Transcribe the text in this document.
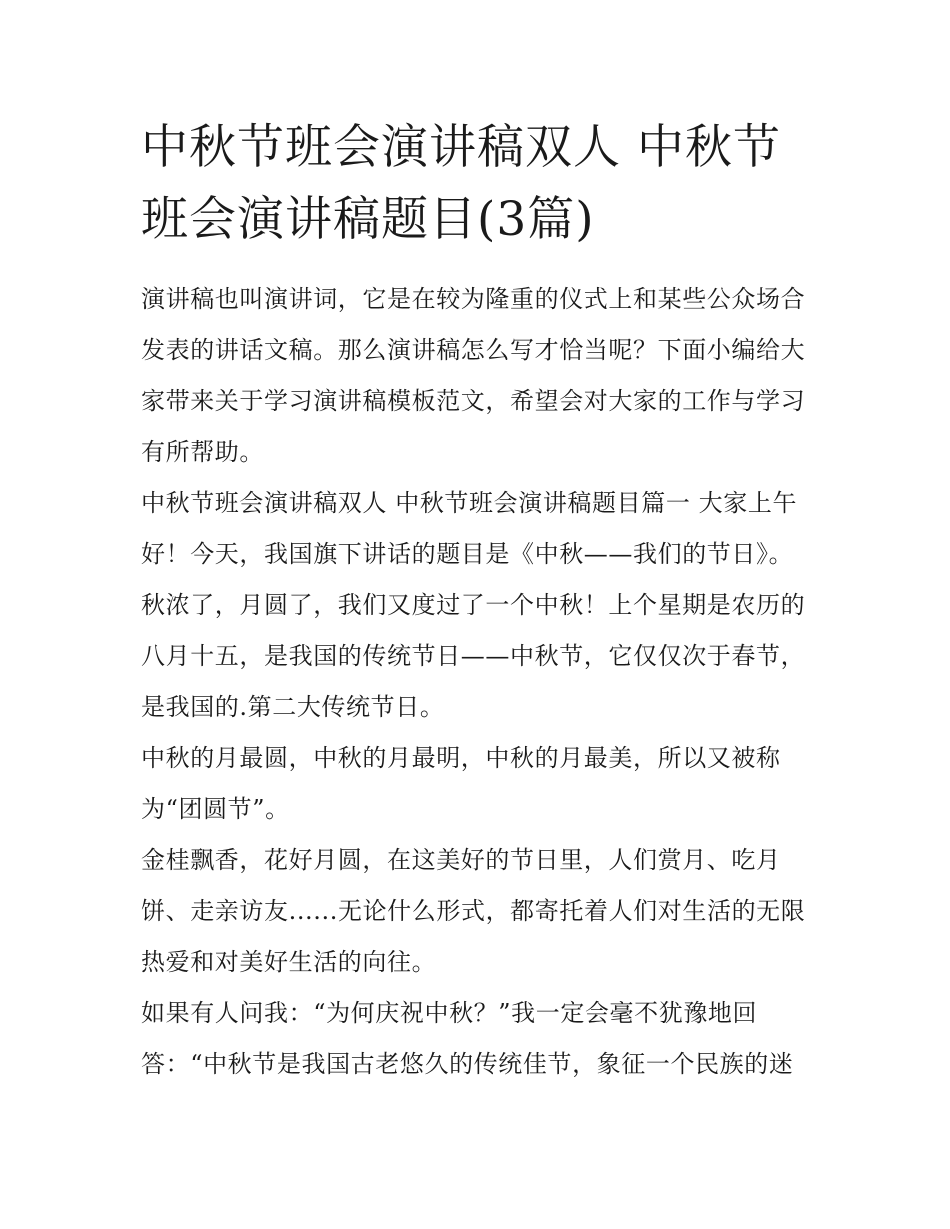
中秋节班会演讲稿双人 中秋节班会演讲稿题目(3篇)

演讲稿也叫演讲词，它是在较为隆重的仪式上和某些公众场合发表的讲话文稿。那么演讲稿怎么写才恰当呢？下面小编给大家带来关于学习演讲稿模板范文，希望会对大家的工作与学习有所帮助。

中秋节班会演讲稿双人 中秋节班会演讲稿题目篇一 大家上午好！今天，我国旗下讲话的题目是《中秋——我们的节日》。秋浓了，月圆了，我们又度过了一个中秋！上个星期是农历的八月十五，是我国的传统节日——中秋节，它仅仅次于春节，是我国的.第二大传统节日。

中秋的月最圆，中秋的月最明，中秋的月最美，所以又被称为“团圆节”。

金桂飘香，花好月圆，在这美好的节日里，人们赏月、吃月饼、走亲访友......无论什么形式，都寄托着人们对生活的无限热爱和对美好生活的向往。

如果有人问我：“为何庆祝中秋？”我一定会毫不犹豫地回答：“中秋节是我国古老悠久的传统佳节，象征一个民族的迷
